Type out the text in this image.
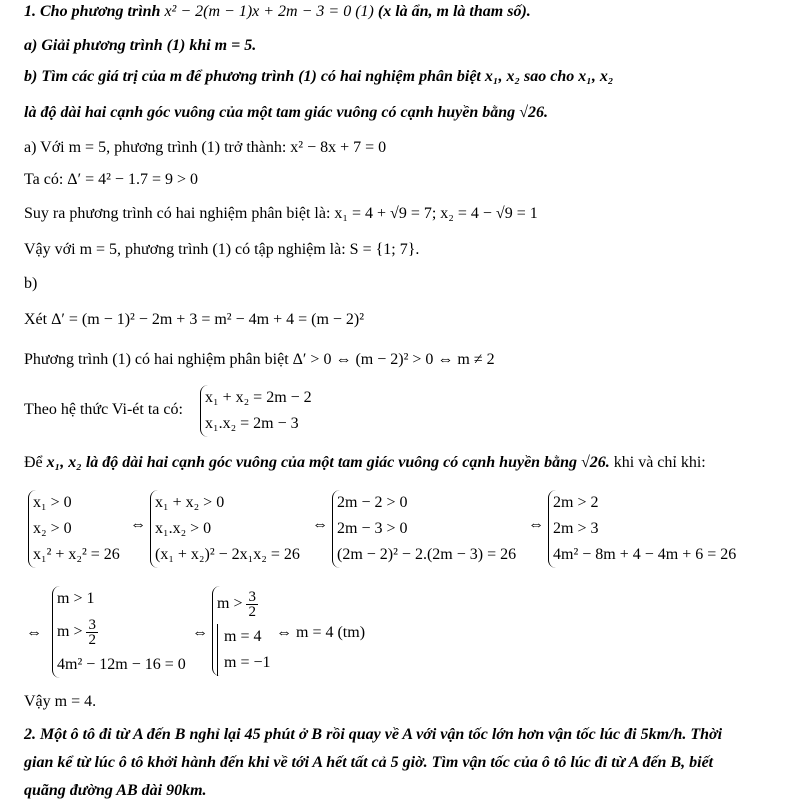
1. Cho phương trình x² − 2(m − 1)x + 2m − 3 = 0 (1) (x là ẩn, m là tham số).
a) Giải phương trình (1) khi m = 5.
b) Tìm các giá trị của m để phương trình (1) có hai nghiệm phân biệt x₁, x₂ sao cho x₁, x₂
là độ dài hai cạnh góc vuông của một tam giác vuông có cạnh huyền bằng √26.
a) Với m = 5, phương trình (1) trở thành: x² − 8x + 7 = 0
Ta có: Δ′ = 4² − 1.7 = 9 > 0
Suy ra phương trình có hai nghiệm phân biệt là: x₁ = 4 + √9 = 7; x₂ = 4 − √9 = 1
Vậy với m = 5, phương trình (1) có tập nghiệm là: S = {1; 7}.
b)
Xét Δ′ = (m − 1)² − 2m + 3 = m² − 4m + 4 = (m − 2)²
Phương trình (1) có hai nghiệm phân biệt Δ′ > 0 ⇔ (m − 2)² > 0 ⇔ m ≠ 2
Theo hệ thức Vi-ét ta có:
x₁ + x₂ = 2m − 2
x₁.x₂ = 2m − 3
Để x₁, x₂ là độ dài hai cạnh góc vuông của một tam giác vuông có cạnh huyền bằng √26. khi và chỉ khi:
x₁ > 0
x₂ > 0
x₁² + x₂² = 26
⇔
x₁ + x₂ > 0
x₁.x₂ > 0
(x₁ + x₂)² − 2x₁x₂ = 26
⇔
2m − 2 > 0
2m − 3 > 0
(2m − 2)² − 2.(2m − 3) = 26
⇔
2m > 2
2m > 3
4m² − 8m + 4 − 4m + 6 = 26
⇔
m > 1
$m > \frac{3}{2}$
4m² − 12m − 16 = 0
⇔
$m > \frac{3}{2}$
m = 4
m = −1
⇔ m = 4 (tm)
Vậy m = 4.
2. Một ô tô đi từ A đến B nghỉ lại 45 phút ở B rồi quay về A với vận tốc lớn hơn vận tốc lúc đi 5km/h. Thời
gian kể từ lúc ô tô khởi hành đến khi về tới A hết tất cả 5 giờ. Tìm vận tốc của ô tô lúc đi từ A đến B, biết
quãng đường AB dài 90km.
